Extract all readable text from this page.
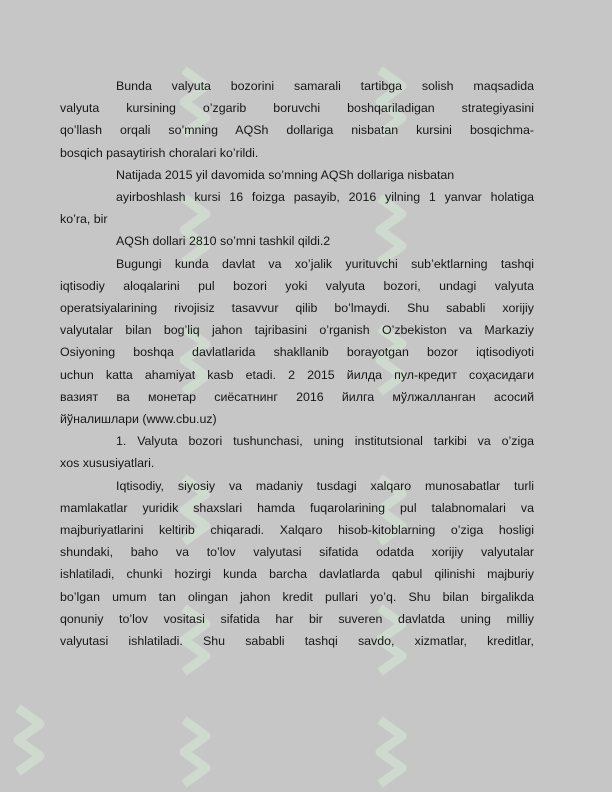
Bunda valyuta bozorini samarali tartibga solish maqsadida

valyuta kursining o’zgarib boruvchi boshqariladigan strategiyasini

qo’llash orqali so’mning AQSh dollariga nisbatan kursini bosqichma-

bosqich pasaytirish choralari ko’rildi.

Natijada 2015 yil davomida so’mning AQSh dollariga nisbatan

ayirboshlash kursi 16 foizga pasayib, 2016 yilning 1 yanvar holatiga

ko’ra, bir

AQSh dollari 2810 so’mni tashkil qildi.2

Bugungi kunda davlat va xo’jalik yurituvchi sub’ektlarning tashqi

iqtisodiy aloqalarini pul bozori yoki valyuta bozori, undagi valyuta

operatsiyalarining rivojisiz tasavvur qilib bo’lmaydi. Shu sababli xorijiy

valyutalar bilan bog’liq jahon tajribasini o’rganish O’zbekiston va Markaziy

Osiyoning boshqa davlatlarida shakllanib borayotgan bozor iqtisodiyoti

uchun katta ahamiyat kasb etadi. 2 2015 йилда пул-кредит соҳасидаги

вазият ва монетар сиёсатнинг 2016 йилга мўлжалланган асосий

йўналишлари (www.cbu.uz)

1. Valyuta bozori tushunchasi, uning institutsional tarkibi va o’ziga

xos xususiyatlari.

Iqtisodiy, siyosiy va madaniy tusdagi xalqaro munosabatlar turli

mamlakatlar yuridik shaxslari hamda fuqarolarining pul talabnomalari va

majburiyatlarini keltirib chiqaradi. Xalqaro hisob-kitoblarning o’ziga hosligi

shundaki, baho va to’lov valyutasi sifatida odatda xorijiy valyutalar

ishlatiladi, chunki hozirgi kunda barcha davlatlarda qabul qilinishi majburiy

bo’lgan umum tan olingan jahon kredit pullari yo’q. Shu bilan birgalikda

qonuniy to’lov vositasi sifatida har bir suveren davlatda uning milliy

valyutasi ishlatiladi. Shu sababli tashqi savdo, xizmatlar, kreditlar,
